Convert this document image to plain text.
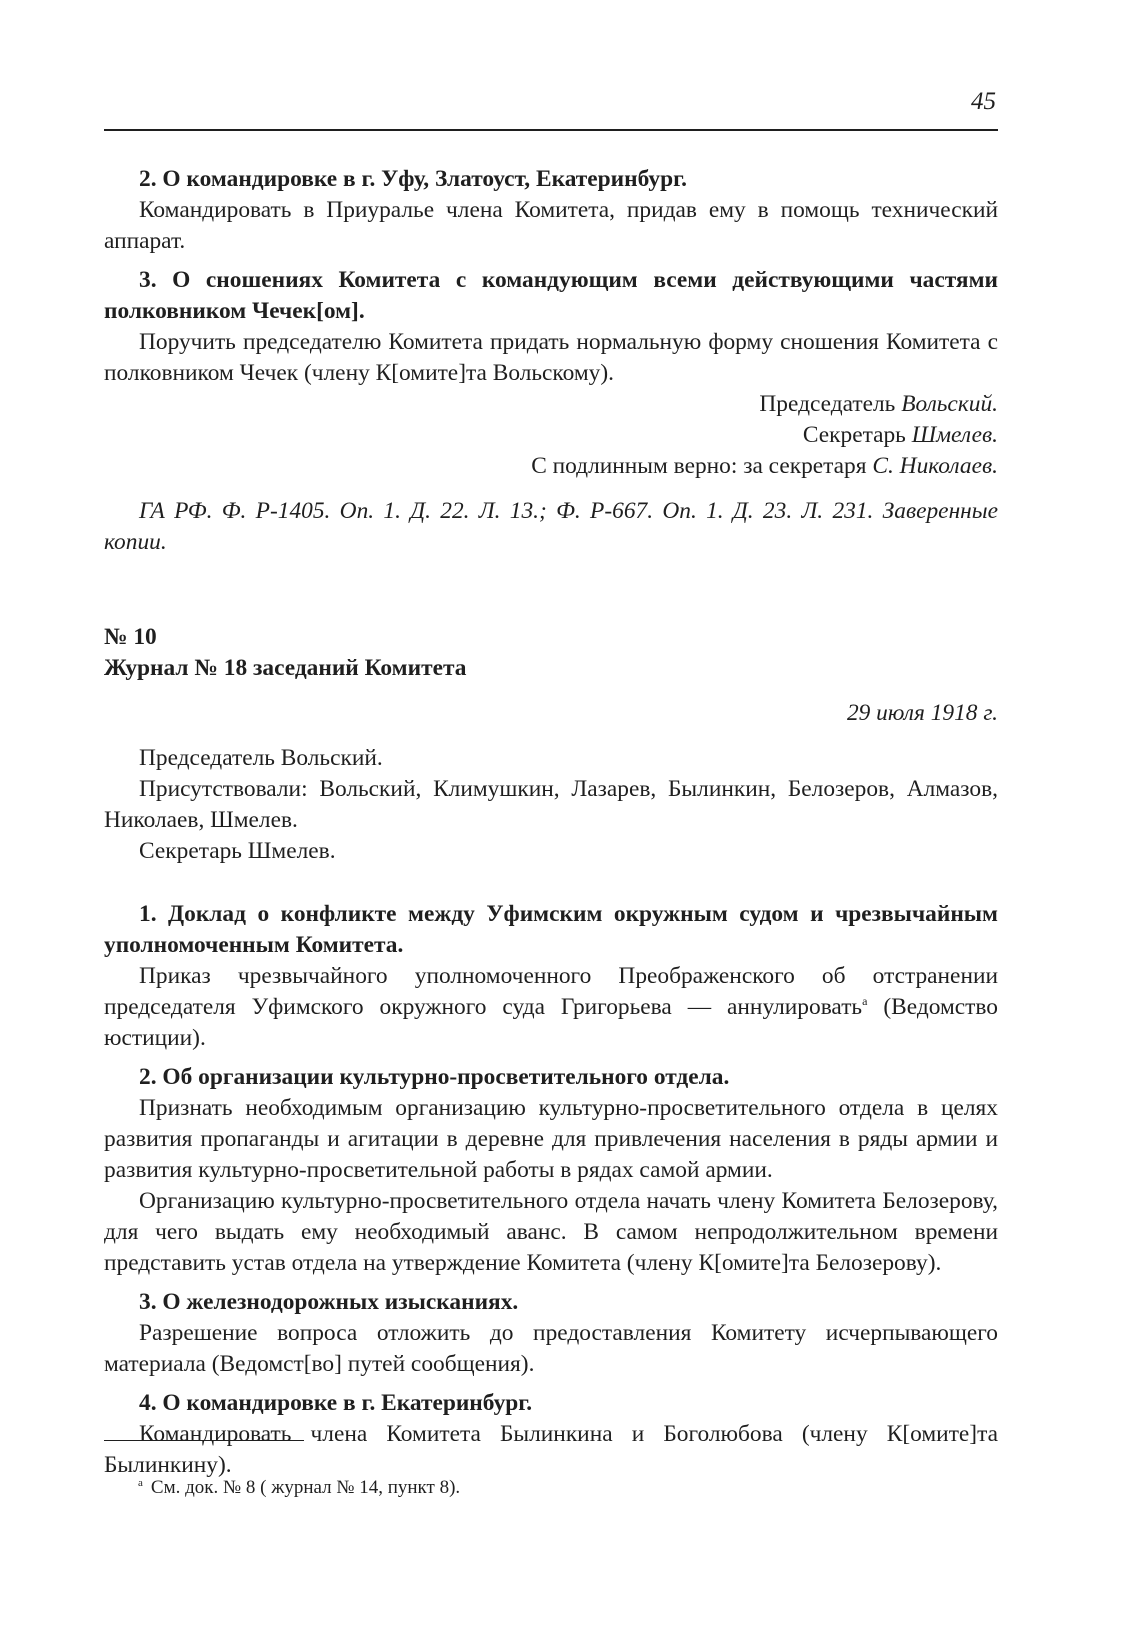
45

2. О командировке в г. Уфу, Златоуст, Екатеринбург.

Командировать в Приуралье члена Комитета, придав ему в помощь технический аппарат.

3. О сношениях Комитета с командующим всеми действующими частями полковником Чечек[ом].

Поручить председателю Комитета придать нормальную форму сношения Комитета с полковником Чечек (члену К[омите]та Вольскому).

Председатель Вольский.

Секретарь Шмелев.

С подлинным верно: за секретаря С. Николаев.

ГА РФ. Ф. Р-1405. Оп. 1. Д. 22. Л. 13.; Ф. Р-667. Оп. 1. Д. 23. Л. 231. Заверенные копии.

№ 10

Журнал № 18 заседаний Комитета

29 июля 1918 г.

Председатель Вольский.

Присутствовали: Вольский, Климушкин, Лазарев, Былинкин, Белозеров, Алмазов, Николаев, Шмелев.

Секретарь Шмелев.

1. Доклад о конфликте между Уфимским окружным судом и чрезвычайным уполномоченным Комитета.

Приказ чрезвычайного уполномоченного Преображенского об отстранении председателя Уфимского окружного суда Григорьева — аннулировать$^а$ (Ведомство юстиции).

2. Об организации культурно-просветительного отдела.

Признать необходимым организацию культурно-просветительного отдела в целях развития пропаганды и агитации в деревне для привлечения населения в ряды армии и развития культурно-просветительной работы в рядах самой армии.

Организацию культурно-просветительного отдела начать члену Комитета Белозерову, для чего выдать ему необходимый аванс. В самом непродолжительном времени представить устав отдела на утверждение Комитета (члену К[омите]та Белозерову).

3. О железнодорожных изысканиях.

Разрешение вопроса отложить до предоставления Комитету исчерпывающего материала (Ведомст[во] путей сообщения).

4. О командировке в г. Екатеринбург.

Командировать члена Комитета Былинкина и Боголюбова (члену К[омите]та Былинкину).

$^а$ См. док. № 8 ( журнал № 14, пункт 8).
